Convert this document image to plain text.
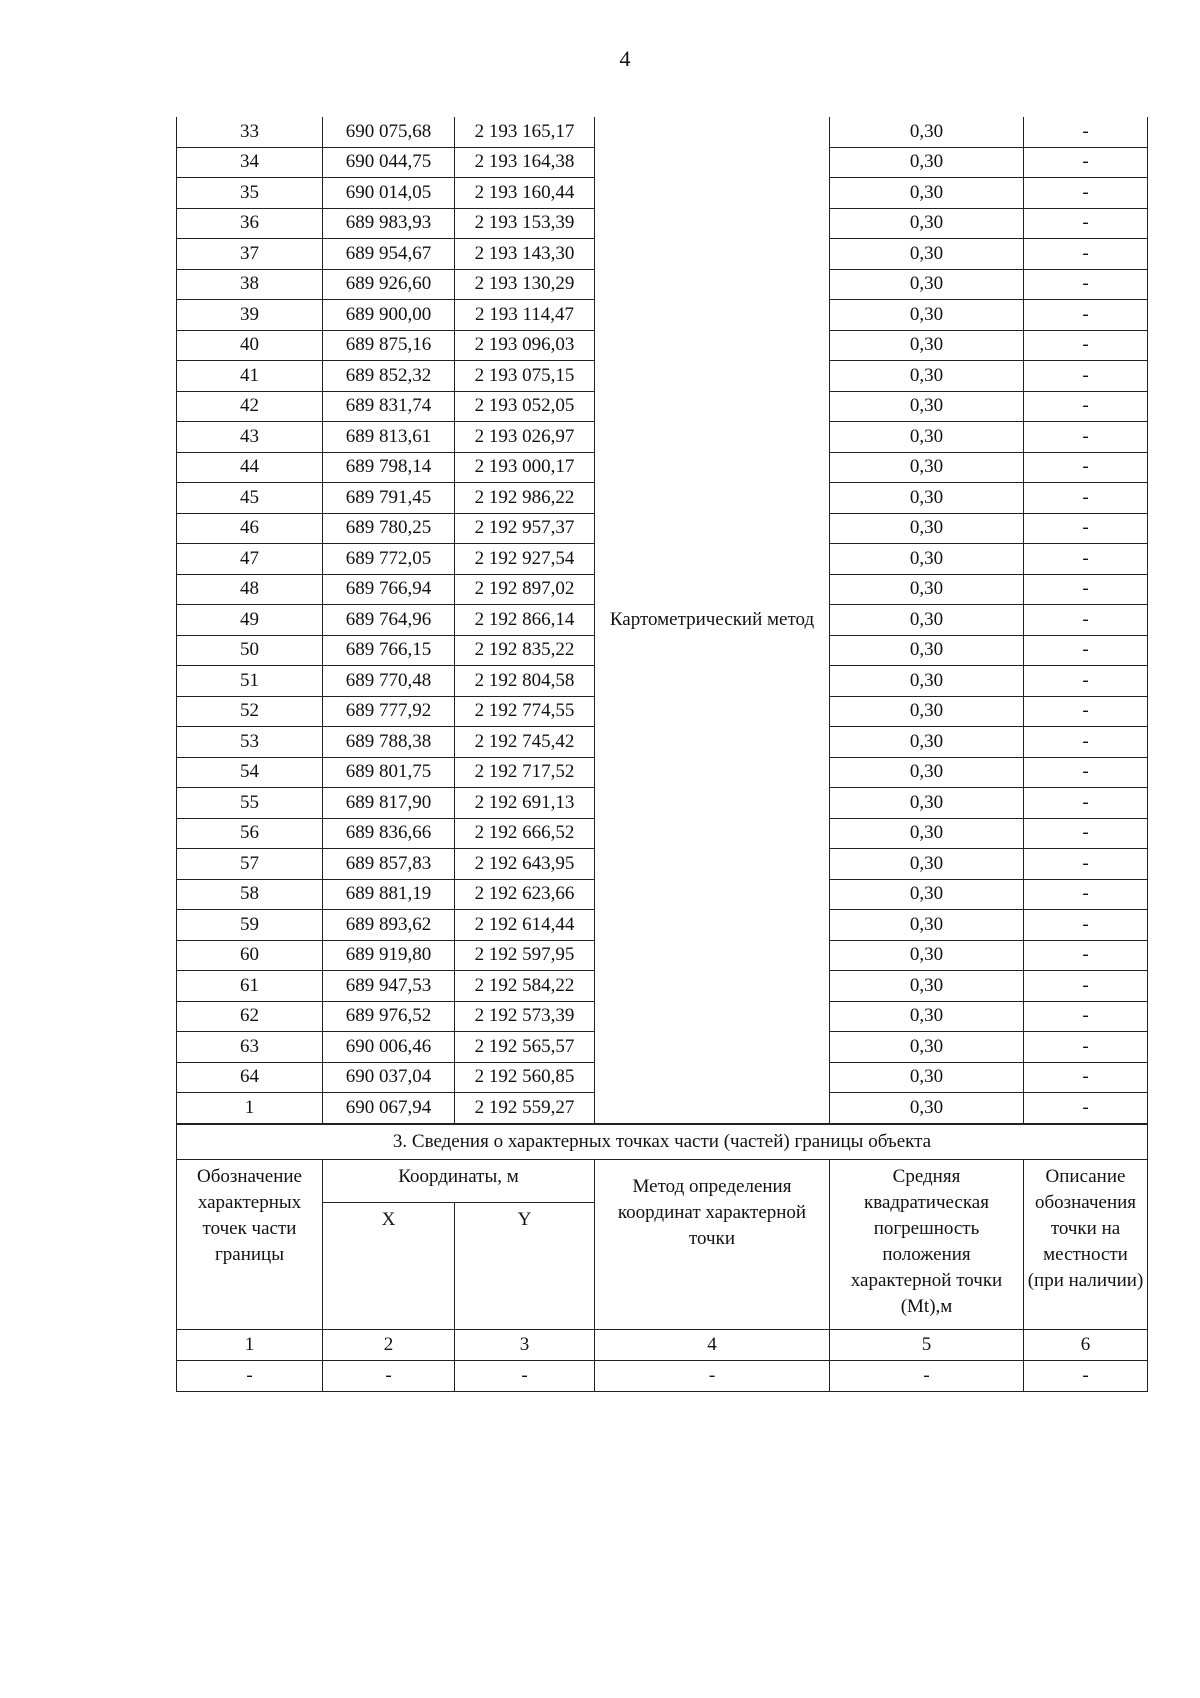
4
33	690 075,68	2 193 165,17	Картометрический метод	0,30	-
34	690 044,75	2 193 164,38		0,30	-
35	690 014,05	2 193 160,44		0,30	-
36	689 983,93	2 193 153,39		0,30	-
37	689 954,67	2 193 143,30		0,30	-
38	689 926,60	2 193 130,29		0,30	-
39	689 900,00	2 193 114,47		0,30	-
40	689 875,16	2 193 096,03		0,30	-
41	689 852,32	2 193 075,15		0,30	-
42	689 831,74	2 193 052,05		0,30	-
43	689 813,61	2 193 026,97		0,30	-
44	689 798,14	2 193 000,17		0,30	-
45	689 791,45	2 192 986,22		0,30	-
46	689 780,25	2 192 957,37		0,30	-
47	689 772,05	2 192 927,54		0,30	-
48	689 766,94	2 192 897,02		0,30	-
49	689 764,96	2 192 866,14		0,30	-
50	689 766,15	2 192 835,22		0,30	-
51	689 770,48	2 192 804,58		0,30	-
52	689 777,92	2 192 774,55		0,30	-
53	689 788,38	2 192 745,42		0,30	-
54	689 801,75	2 192 717,52		0,30	-
55	689 817,90	2 192 691,13		0,30	-
56	689 836,66	2 192 666,52		0,30	-
57	689 857,83	2 192 643,95		0,30	-
58	689 881,19	2 192 623,66		0,30	-
59	689 893,62	2 192 614,44		0,30	-
60	689 919,80	2 192 597,95		0,30	-
61	689 947,53	2 192 584,22		0,30	-
62	689 976,52	2 192 573,39		0,30	-
63	690 006,46	2 192 565,57		0,30	-
64	690 037,04	2 192 560,85		0,30	-
1	690 067,94	2 192 559,27		0,30	-
3. Сведения о характерных точках части (частей) границы объекта					
Обозначение характерных точек части границы	Координаты, м		Метод определения координат характерной точки	Средняя квадратическая погрешность положения характерной точки (Mt),м	Описание обозначения точки на местности (при наличии)
	X	Y			
1	2	3	4	5	6
-	-	-	-	-	-
